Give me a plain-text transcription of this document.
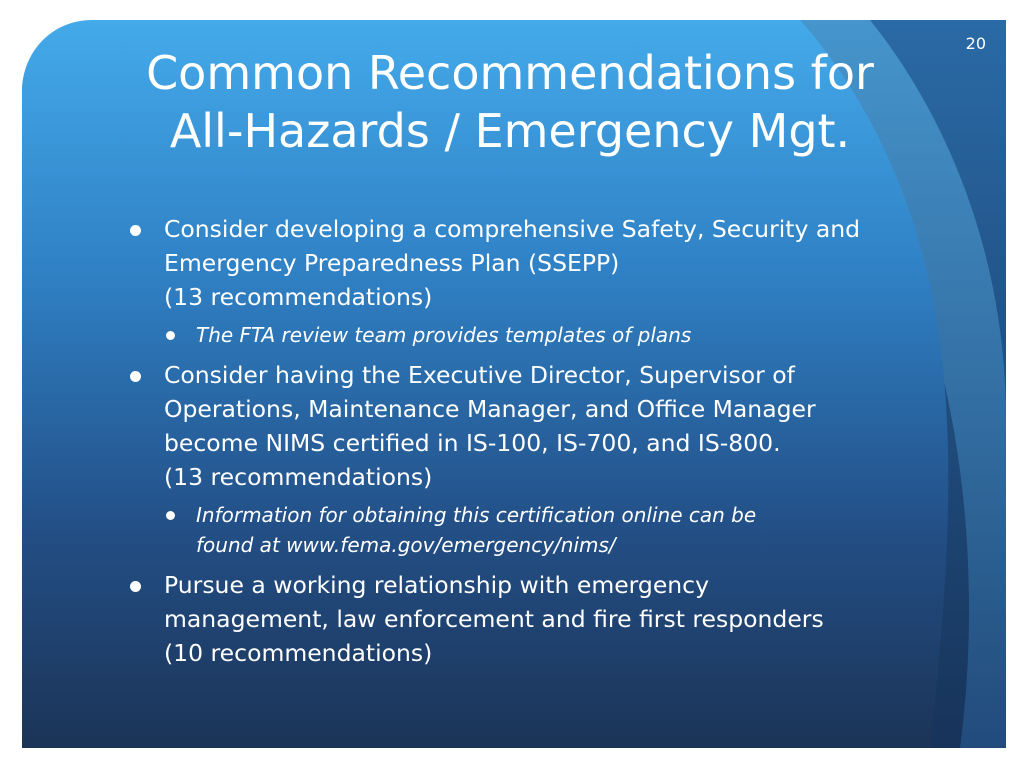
20
Common Recommendations for
All-Hazards / Emergency Mgt.
Consider developing a comprehensive Safety, Security and
Emergency Preparedness Plan (SSEPP)
(13 recommendations)
The FTA review team provides templates of plans
Consider having the Executive Director, Supervisor of
Operations, Maintenance Manager, and Office Manager
become NIMS certified in IS-100, IS-700, and IS-800.
(13 recommendations)
Information for obtaining this certification online can be
found at www.fema.gov/emergency/nims/
Pursue a working relationship with emergency
management, law enforcement and fire first responders
(10 recommendations)
